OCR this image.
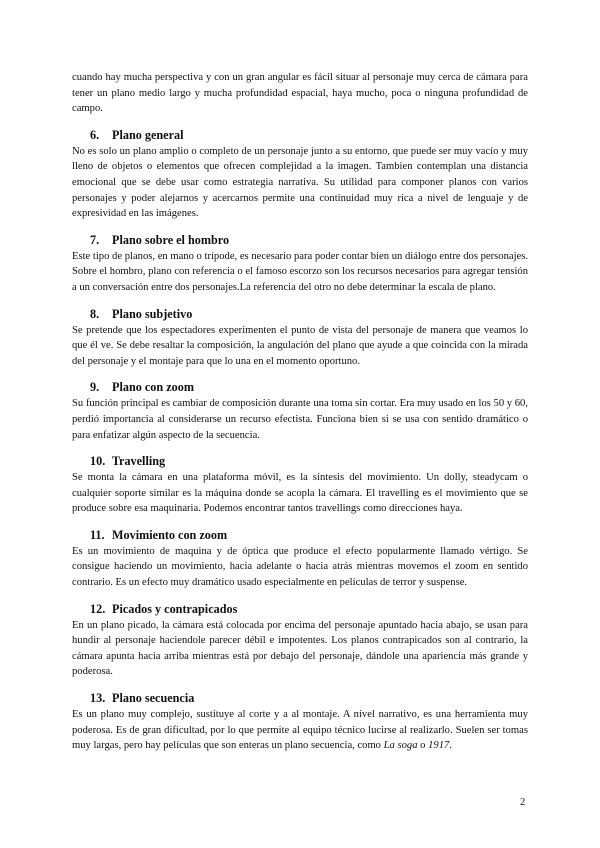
cuando hay mucha perspectiva y con un gran angular es fácil situar al personaje muy cerca de cámara para tener un plano medio largo y mucha profundidad espacial, haya mucho, poca o ninguna profundidad de campo.

6. Plano general

No es solo un plano amplio o completo de un personaje junto a su entorno, que puede ser muy vacío y muy lleno de objetos o elementos que ofrecen complejidad a la imagen. Tambien contemplan una distancia emocional que se debe usar como estrategia narrativa. Su utilidad para componer planos con varios personajes y poder alejarnos y acercarnos permite una continuidad muy rica a nivel de lenguaje y de expresividad en las imágenes.

7. Plano sobre el hombro

Este tipo de planos, en mano o trípode, es necesario para poder contar bien un diálogo entre dos personajes. Sobre el hombro, plano con referencia o el famoso escorzo son los recursos necesarios para agregar tensión a un conversación entre dos personajes.La referencia del otro no debe determinar la escala de plano.

8. Plano subjetivo

Se pretende que los espectadores experimenten el punto de vista del personaje de manera que veamos lo que él ve. Se debe resaltar la composición, la angulación del plano que ayude a que coincida con la mirada del personaje y el montaje para que lo una en el momento oportuno.

9. Plano con zoom

Su función principal es cambiar de composición durante una toma sin cortar. Era muy usado en los 50 y 60, perdió importancia al considerarse un recurso efectista. Funciona bien si se usa con sentido dramático o para enfatizar algún aspecto de la secuencia.

10. Travelling

Se monta la cámara en una plataforma móvil, es la síntesis del movimiento. Un dolly, steadycam o cualquier soporte similar es la máquina donde se acopla la cámara. El travelling es el movimiento que se produce sobre esa maquinaria. Podemos encontrar tantos travellings como direcciones haya.

11. Movimiento con zoom

Es un movimiento de maquina y de óptica que produce el efecto popularmente llamado vértigo. Se consigue haciendo un movimiento, hacia adelante o hacia atrás mientras movemos el zoom en sentido contrario. Es un efecto muy dramático usado especialmente en películas de terror y suspense.

12. Picados y contrapicados

En un plano picado, la cámara está colocada por encima del personaje apuntado hacia abajo, se usan para hundir al personaje haciendole parecer débil e impotentes. Los planos contrapicados son al contrario, la cámara apunta hacia arriba mientras está por debajo del personaje, dándole una apariencia más grande y poderosa.

13. Plano secuencia

Es un plano muy complejo, sustituye al corte y a al montaje. A nivel narrativo, es una herramienta muy poderosa. Es de gran dificultad, por lo que permite al equipo técnico lucirse al realizarlo. Suelen ser tomas muy largas, pero hay películas que son enteras un plano secuencia, como La soga o 1917.

2
